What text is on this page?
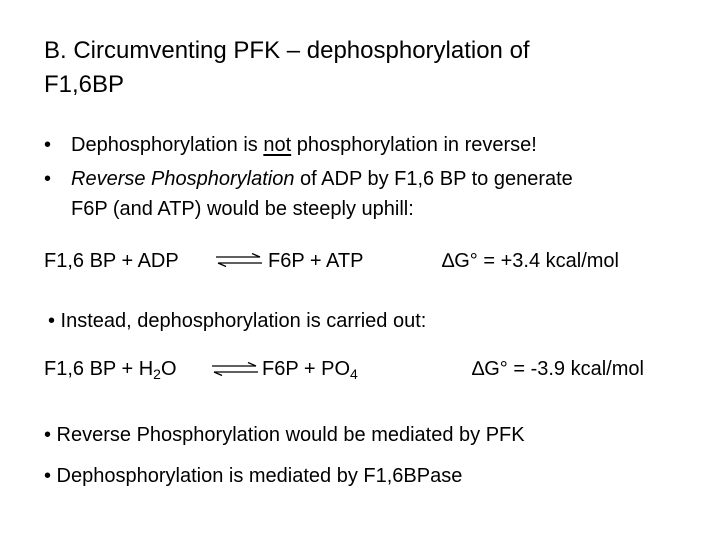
B. Circumventing PFK – dephosphorylation of
F1,6BP
• Dephosphorylation is not phosphorylation in reverse!
• Reverse Phosphorylation of ADP by F1,6 BP to generate
F6P (and ATP) would be steeply uphill:
F1,6 BP + ADP ⇌ F6P + ATP	∆G° = +3.4 kcal/mol
• Instead, dephosphorylation is carried out:
F1,6 BP + $H_2O$ ⇌ $F6P + PO_4$	∆G° = -3.9 kcal/mol
• Reverse Phosphorylation would be mediated by PFK
• Dephosphorylation is mediated by F1,6BPase
